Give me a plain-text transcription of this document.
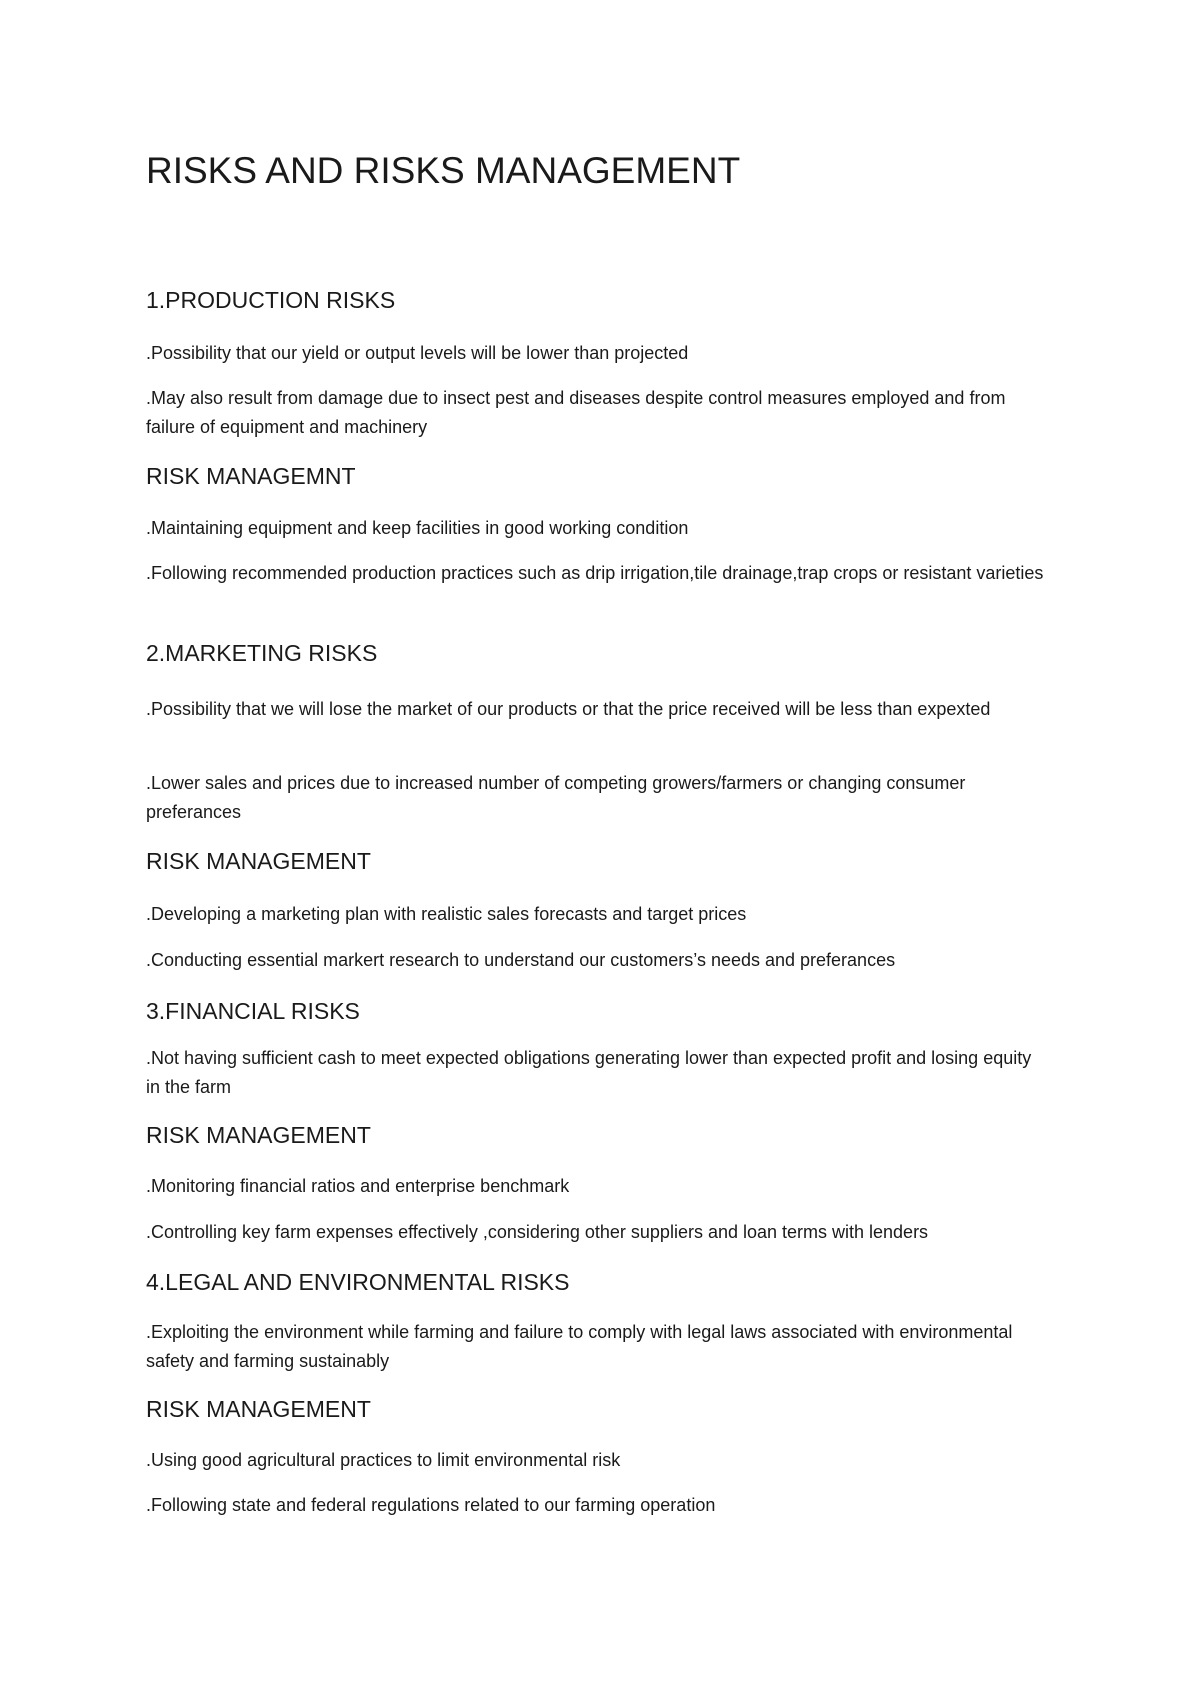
RISKS AND RISKS MANAGEMENT
1.PRODUCTION RISKS

.Possibility that our yield or output levels will be lower than projected

.May also result from damage due to insect pest and diseases despite control measures employed and from failure of equipment and machinery

RISK MANAGEMNT

.Maintaining equipment and keep facilities in good working condition

.Following recommended production practices such as drip irrigation,tile drainage,trap crops or resistant varieties

2.MARKETING RISKS

.Possibility that we will lose the market of our products or that the price received will be less than expexted

.Lower sales and prices due to increased number of competing growers/farmers or changing consumer preferances

RISK MANAGEMENT

.Developing a marketing plan with realistic sales forecasts and target prices

.Conducting essential markert research to understand our customers’s needs and preferances

3.FINANCIAL RISKS

.Not having sufficient cash to meet expected obligations generating lower than expected profit and losing equity in the farm

RISK MANAGEMENT

.Monitoring financial ratios and enterprise benchmark

.Controlling key farm expenses effectively ,considering other suppliers and loan terms with lenders

4.LEGAL AND ENVIRONMENTAL RISKS

.Exploiting the environment while farming and failure to comply with legal laws associated with environmental safety and farming sustainably

RISK MANAGEMENT

.Using good agricultural practices to limit environmental risk

.Following state and federal regulations related to our farming operation
